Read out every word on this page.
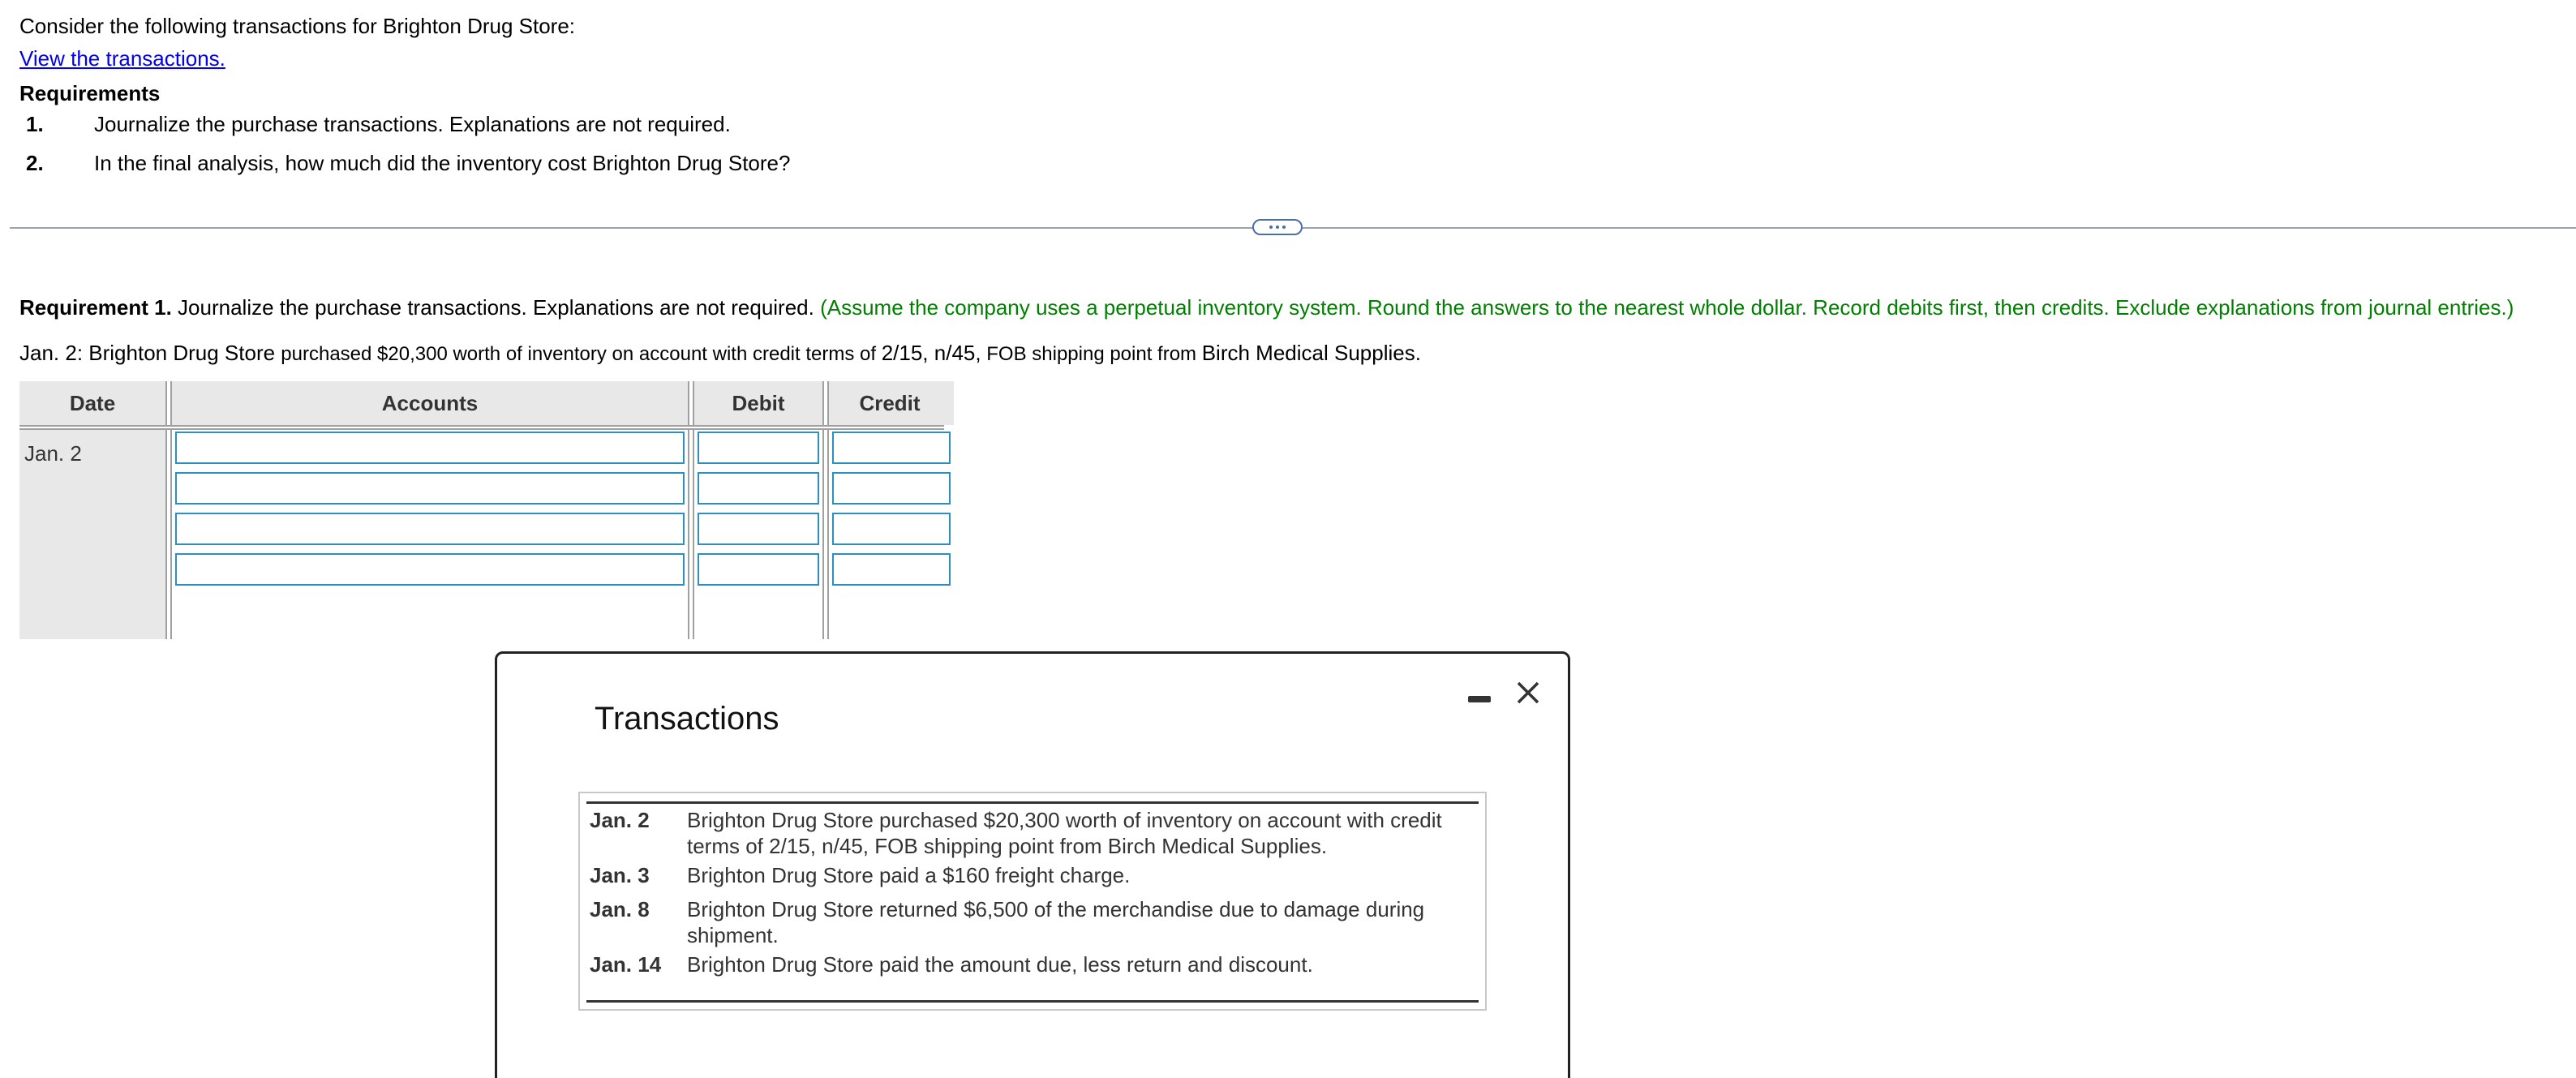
Consider the following transactions for Brighton Drug Store:
View the transactions.
Requirements
1.	Journalize the purchase transactions. Explanations are not required.
2.	In the final analysis, how much did the inventory cost Brighton Drug Store?
Requirement 1. Journalize the purchase transactions. Explanations are not required. (Assume the company uses a perpetual inventory system. Round the answers to the nearest whole dollar. Record debits first, then credits. Exclude explanations from journal entries.)
Jan. 2: Brighton Drug Store purchased $20,300 worth of inventory on account with credit terms of 2/15, n/45, FOB shipping point from Birch Medical Supplies.
Date	Accounts	Debit	Credit
Jan. 2
Transactions
Jan. 2	Brighton Drug Store purchased $20,300 worth of inventory on account with credit terms of 2/15, n/45, FOB shipping point from Birch Medical Supplies.
Jan. 3	Brighton Drug Store paid a $160 freight charge.
Jan. 8	Brighton Drug Store returned $6,500 of the merchandise due to damage during shipment.
Jan. 14	Brighton Drug Store paid the amount due, less return and discount.
